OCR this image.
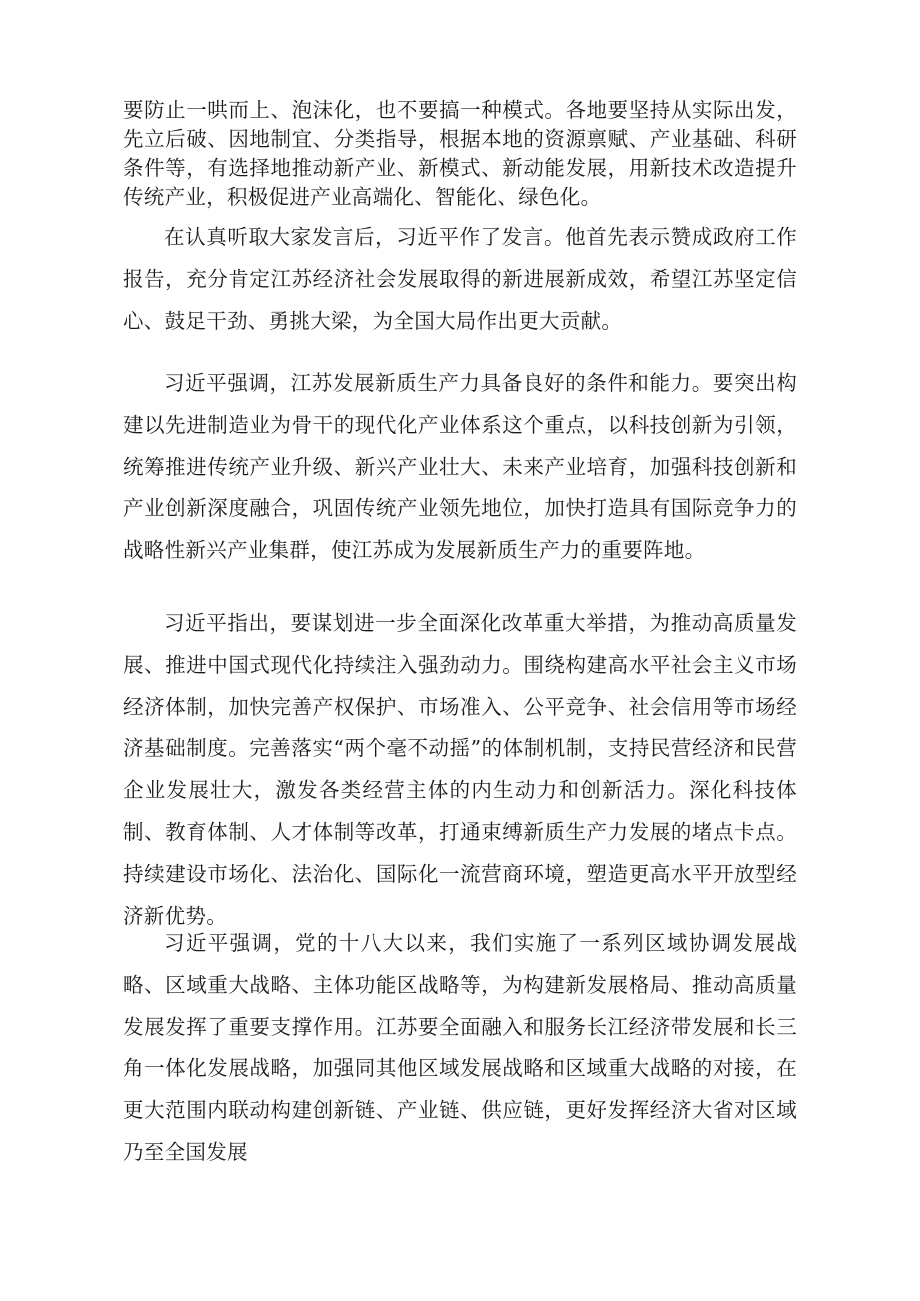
要防止一哄而上、泡沫化，也不要搞一种模式。各地要坚持从实际出发，先立后破、因地制宜、分类指导，根据本地的资源禀赋、产业基础、科研条件等，有选择地推动新产业、新模式、新动能发展，用新技术改造提升传统产业，积极促进产业高端化、智能化、绿色化。

在认真听取大家发言后，习近平作了发言。他首先表示赞成政府工作报告，充分肯定江苏经济社会发展取得的新进展新成效，希望江苏坚定信心、鼓足干劲、勇挑大梁，为全国大局作出更大贡献。

习近平强调，江苏发展新质生产力具备良好的条件和能力。要突出构建以先进制造业为骨干的现代化产业体系这个重点，以科技创新为引领，统筹推进传统产业升级、新兴产业壮大、未来产业培育，加强科技创新和产业创新深度融合，巩固传统产业领先地位，加快打造具有国际竞争力的战略性新兴产业集群，使江苏成为发展新质生产力的重要阵地。

习近平指出，要谋划进一步全面深化改革重大举措，为推动高质量发展、推进中国式现代化持续注入强劲动力。围绕构建高水平社会主义市场经济体制，加快完善产权保护、市场准入、公平竞争、社会信用等市场经济基础制度。完善落实“两个毫不动摇”的体制机制，支持民营经济和民营企业发展壮大，激发各类经营主体的内生动力和创新活力。深化科技体制、教育体制、人才体制等改革，打通束缚新质生产力发展的堵点卡点。持续建设市场化、法治化、国际化一流营商环境，塑造更高水平开放型经济新优势。

习近平强调，党的十八大以来，我们实施了一系列区域协调发展战略、区域重大战略、主体功能区战略等，为构建新发展格局、推动高质量发展发挥了重要支撑作用。江苏要全面融入和服务长江经济带发展和长三角一体化发展战略，加强同其他区域发展战略和区域重大战略的对接，在更大范围内联动构建创新链、产业链、供应链，更好发挥经济大省对区域乃至全国发展
